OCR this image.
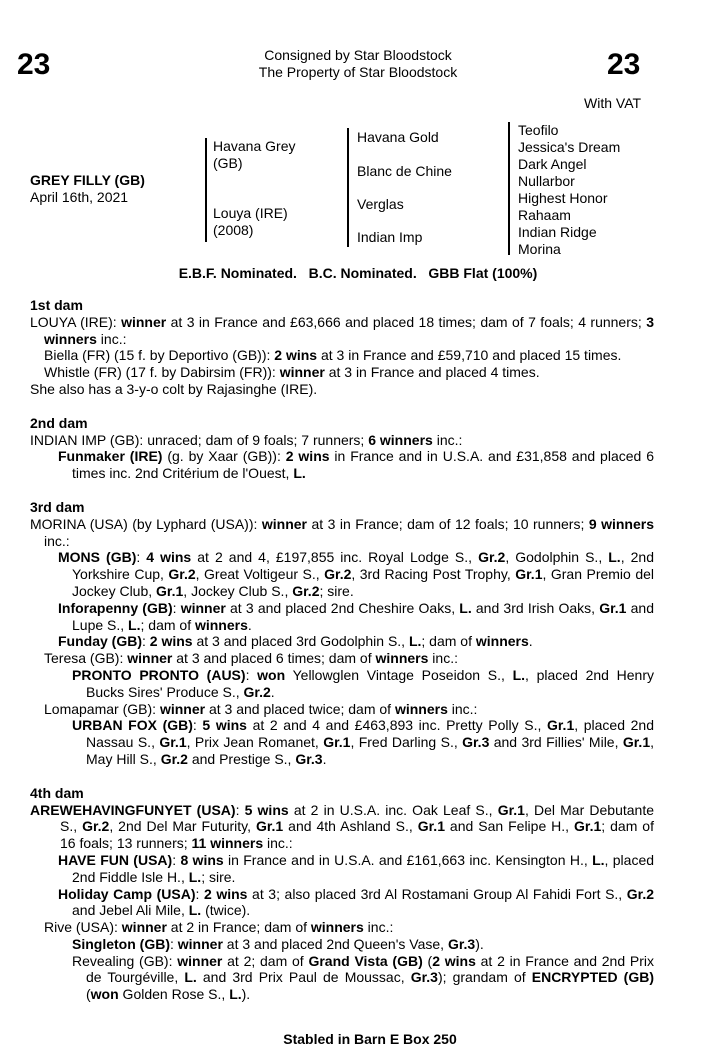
23	23
Consigned by Star Bloodstock
The Property of Star Bloodstock
With VAT
GREY FILLY (GB)
April 16th, 2021
Havana Grey
(GB)
Louya (IRE)
(2008)
Havana Gold
Blanc de Chine
Verglas
Indian Imp
Teofilo
Jessica's Dream
Dark Angel
Nullarbor
Highest Honor
Rahaam
Indian Ridge
Morina
E.B.F. Nominated.   B.C. Nominated.   GBB Flat (100%)
1st dam

LOUYA (IRE): winner at 3 in France and £63,666 and placed 18 times; dam of 7 foals; 4 runners; 3 winners inc.:

Biella (FR) (15 f. by Deportivo (GB)): 2 wins at 3 in France and £59,710 and placed 15 times.

Whistle (FR) (17 f. by Dabirsim (FR)): winner at 3 in France and placed 4 times.

She also has a 3-y-o colt by Rajasinghe (IRE).

2nd dam

INDIAN IMP (GB): unraced; dam of 9 foals; 7 runners; 6 winners inc.:

Funmaker (IRE) (g. by Xaar (GB)): 2 wins in France and in U.S.A. and £31,858 and placed 6 times inc. 2nd Critérium de l'Ouest, L.

3rd dam

MORINA (USA) (by Lyphard (USA)): winner at 3 in France; dam of 12 foals; 10 runners; 9 winners inc.:

MONS (GB): 4 wins at 2 and 4, £197,855 inc. Royal Lodge S., Gr.2, Godolphin S., L., 2nd Yorkshire Cup, Gr.2, Great Voltigeur S., Gr.2, 3rd Racing Post Trophy, Gr.1, Gran Premio del Jockey Club, Gr.1, Jockey Club S., Gr.2; sire.

Inforapenny (GB): winner at 3 and placed 2nd Cheshire Oaks, L. and 3rd Irish Oaks, Gr.1 and Lupe S., L.; dam of winners.

Funday (GB): 2 wins at 3 and placed 3rd Godolphin S., L.; dam of winners.

Teresa (GB): winner at 3 and placed 6 times; dam of winners inc.:

PRONTO PRONTO (AUS): won Yellowglen Vintage Poseidon S., L., placed 2nd Henry Bucks Sires' Produce S., Gr.2.

Lomapamar (GB): winner at 3 and placed twice; dam of winners inc.:

URBAN FOX (GB): 5 wins at 2 and 4 and £463,893 inc. Pretty Polly S., Gr.1, placed 2nd Nassau S., Gr.1, Prix Jean Romanet, Gr.1, Fred Darling S., Gr.3 and 3rd Fillies' Mile, Gr.1, May Hill S., Gr.2 and Prestige S., Gr.3.

4th dam

AREWEHAVINGFUNYET (USA): 5 wins at 2 in U.S.A. inc. Oak Leaf S., Gr.1, Del Mar Debutante S., Gr.2, 2nd Del Mar Futurity, Gr.1 and 4th Ashland S., Gr.1 and San Felipe H., Gr.1; dam of 16 foals; 13 runners; 11 winners inc.:

HAVE FUN (USA): 8 wins in France and in U.S.A. and £161,663 inc. Kensington H., L., placed 2nd Fiddle Isle H., L.; sire.

Holiday Camp (USA): 2 wins at 3; also placed 3rd Al Rostamani Group Al Fahidi Fort S., Gr.2 and Jebel Ali Mile, L. (twice).

Rive (USA): winner at 2 in France; dam of winners inc.:

Singleton (GB): winner at 3 and placed 2nd Queen's Vase, Gr.3).

Revealing (GB): winner at 2; dam of Grand Vista (GB) (2 wins at 2 in France and 2nd Prix de Tourgéville, L. and 3rd Prix Paul de Moussac, Gr.3); grandam of ENCRYPTED (GB) (won Golden Rose S., L.).

Stabled in Barn E Box 250
